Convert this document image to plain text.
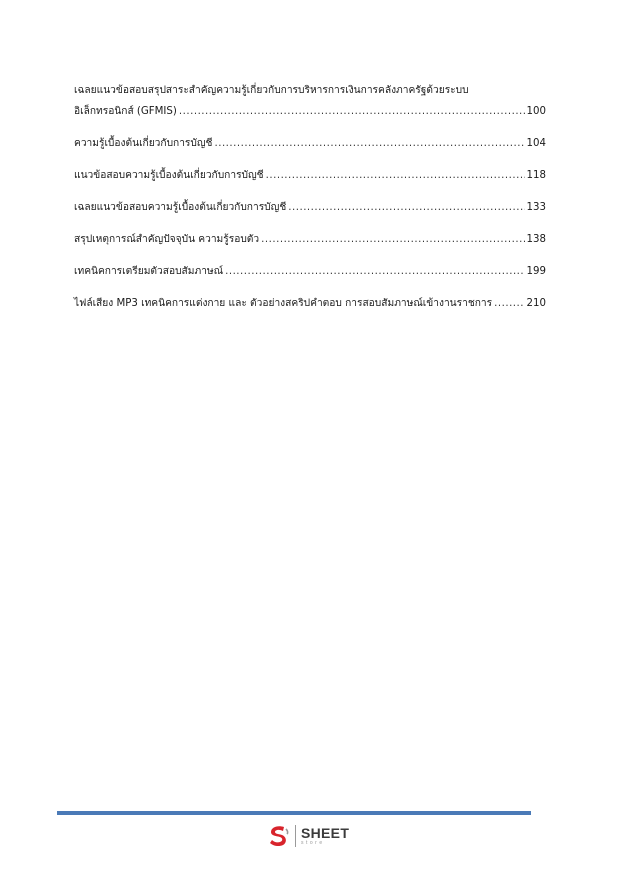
เฉลยแนวข้อสอบสรุปสาระสำคัญความรู้เกี่ยวกับการบริหารการเงินการคลังภาครัฐด้วยระบบ
อิเล็กทรอนิกส์ (GFMIS) .....	100
ความรู้เบื้องต้นเกี่ยวกับการบัญชี .....	104
แนวข้อสอบความรู้เบื้องต้นเกี่ยวกับการบัญชี .....	118
เฉลยแนวข้อสอบความรู้เบื้องต้นเกี่ยวกับการบัญชี .....	133
สรุปเหตุการณ์สำคัญปัจจุบัน ความรู้รอบตัว .....	138
เทคนิคการเตรียมตัวสอบสัมภาษณ์ .....	199
ไฟล์เสียง MP3 เทคนิคการแต่งกาย และ ตัวอย่างสคริปคำตอบ การสอบสัมภาษณ์เข้างานราชการ .....	210
SHEET
store
